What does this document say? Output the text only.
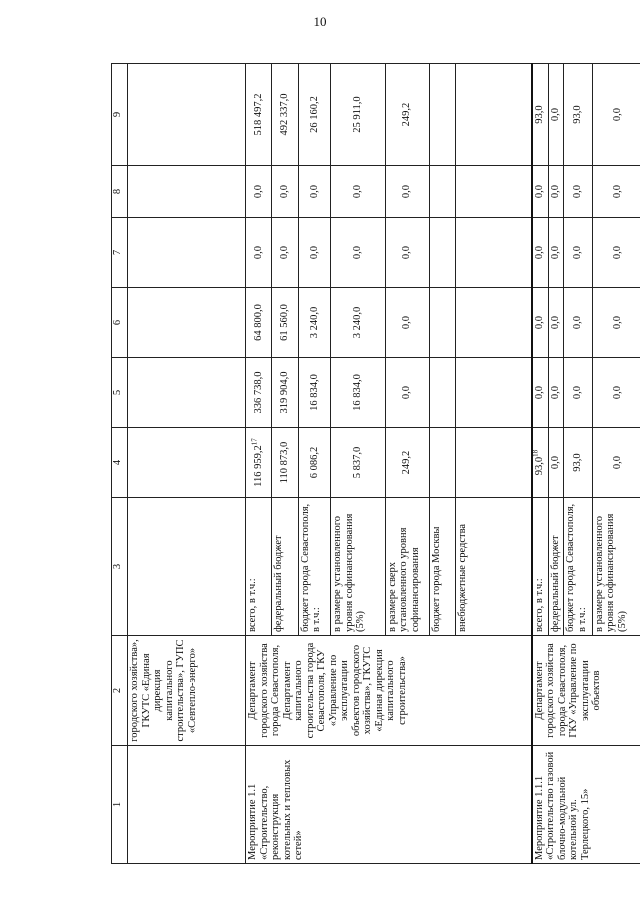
10
1	2	3	4	5	6	7	8	9
	городского хозяйства», ГКУТС «Единая дирекция капитального строительства», ГУПС «Севтепло-энерго»							
Мероприятие 1.1 «Строительство, реконструкция котельных и тепловых сетей»	Департамент городского хозяйства города Севастополя, Департамент капитального строительства города Севастополя, ГКУ «Управление по эксплуатации объектов городского хозяйства», ГКУТС «Единая дирекция капитального строительства»	всего, в т.ч.:	116 959,2$^{17}$	336 738,0	64 800,0	0,0	0,0	518 497,2
		федеральный бюджет	110 873,0	319 904,0	61 560,0	0,0	0,0	492 337,0
		бюджет города Севастополя, в т.ч.:	6 086,2	16 834,0	3 240,0	0,0	0,0	26 160,2
		в размере установленного уровня софинансирования (5%)	5 837,0	16 834,0	3 240,0	0,0	0,0	25 911,0
		в размере сверх установленного уровня софинансирования	249,2	0,0	0,0	0,0	0,0	249,2
		бюджет города Москвы						
		внебюджетные средства						
Мероприятие 1.1.1 «Строительство газовой блочно-модульной котельной ул. Терлецкого, 15»	Департамент городского хозяйства города Севастополя, ГКУ «Управление по эксплуатации объектов	всего, в т.ч.:	93,0$^{18}$	0,0	0,0	0,0	0,0	93,0
		федеральный бюджет	0,0	0,0	0,0	0,0	0,0	0,0
		бюджет города Севастополя, в т.ч.:	93,0	0,0	0,0	0,0	0,0	93,0
		в размере установленного уровня софинансирования (5%)	0,0	0,0	0,0	0,0	0,0	0,0
